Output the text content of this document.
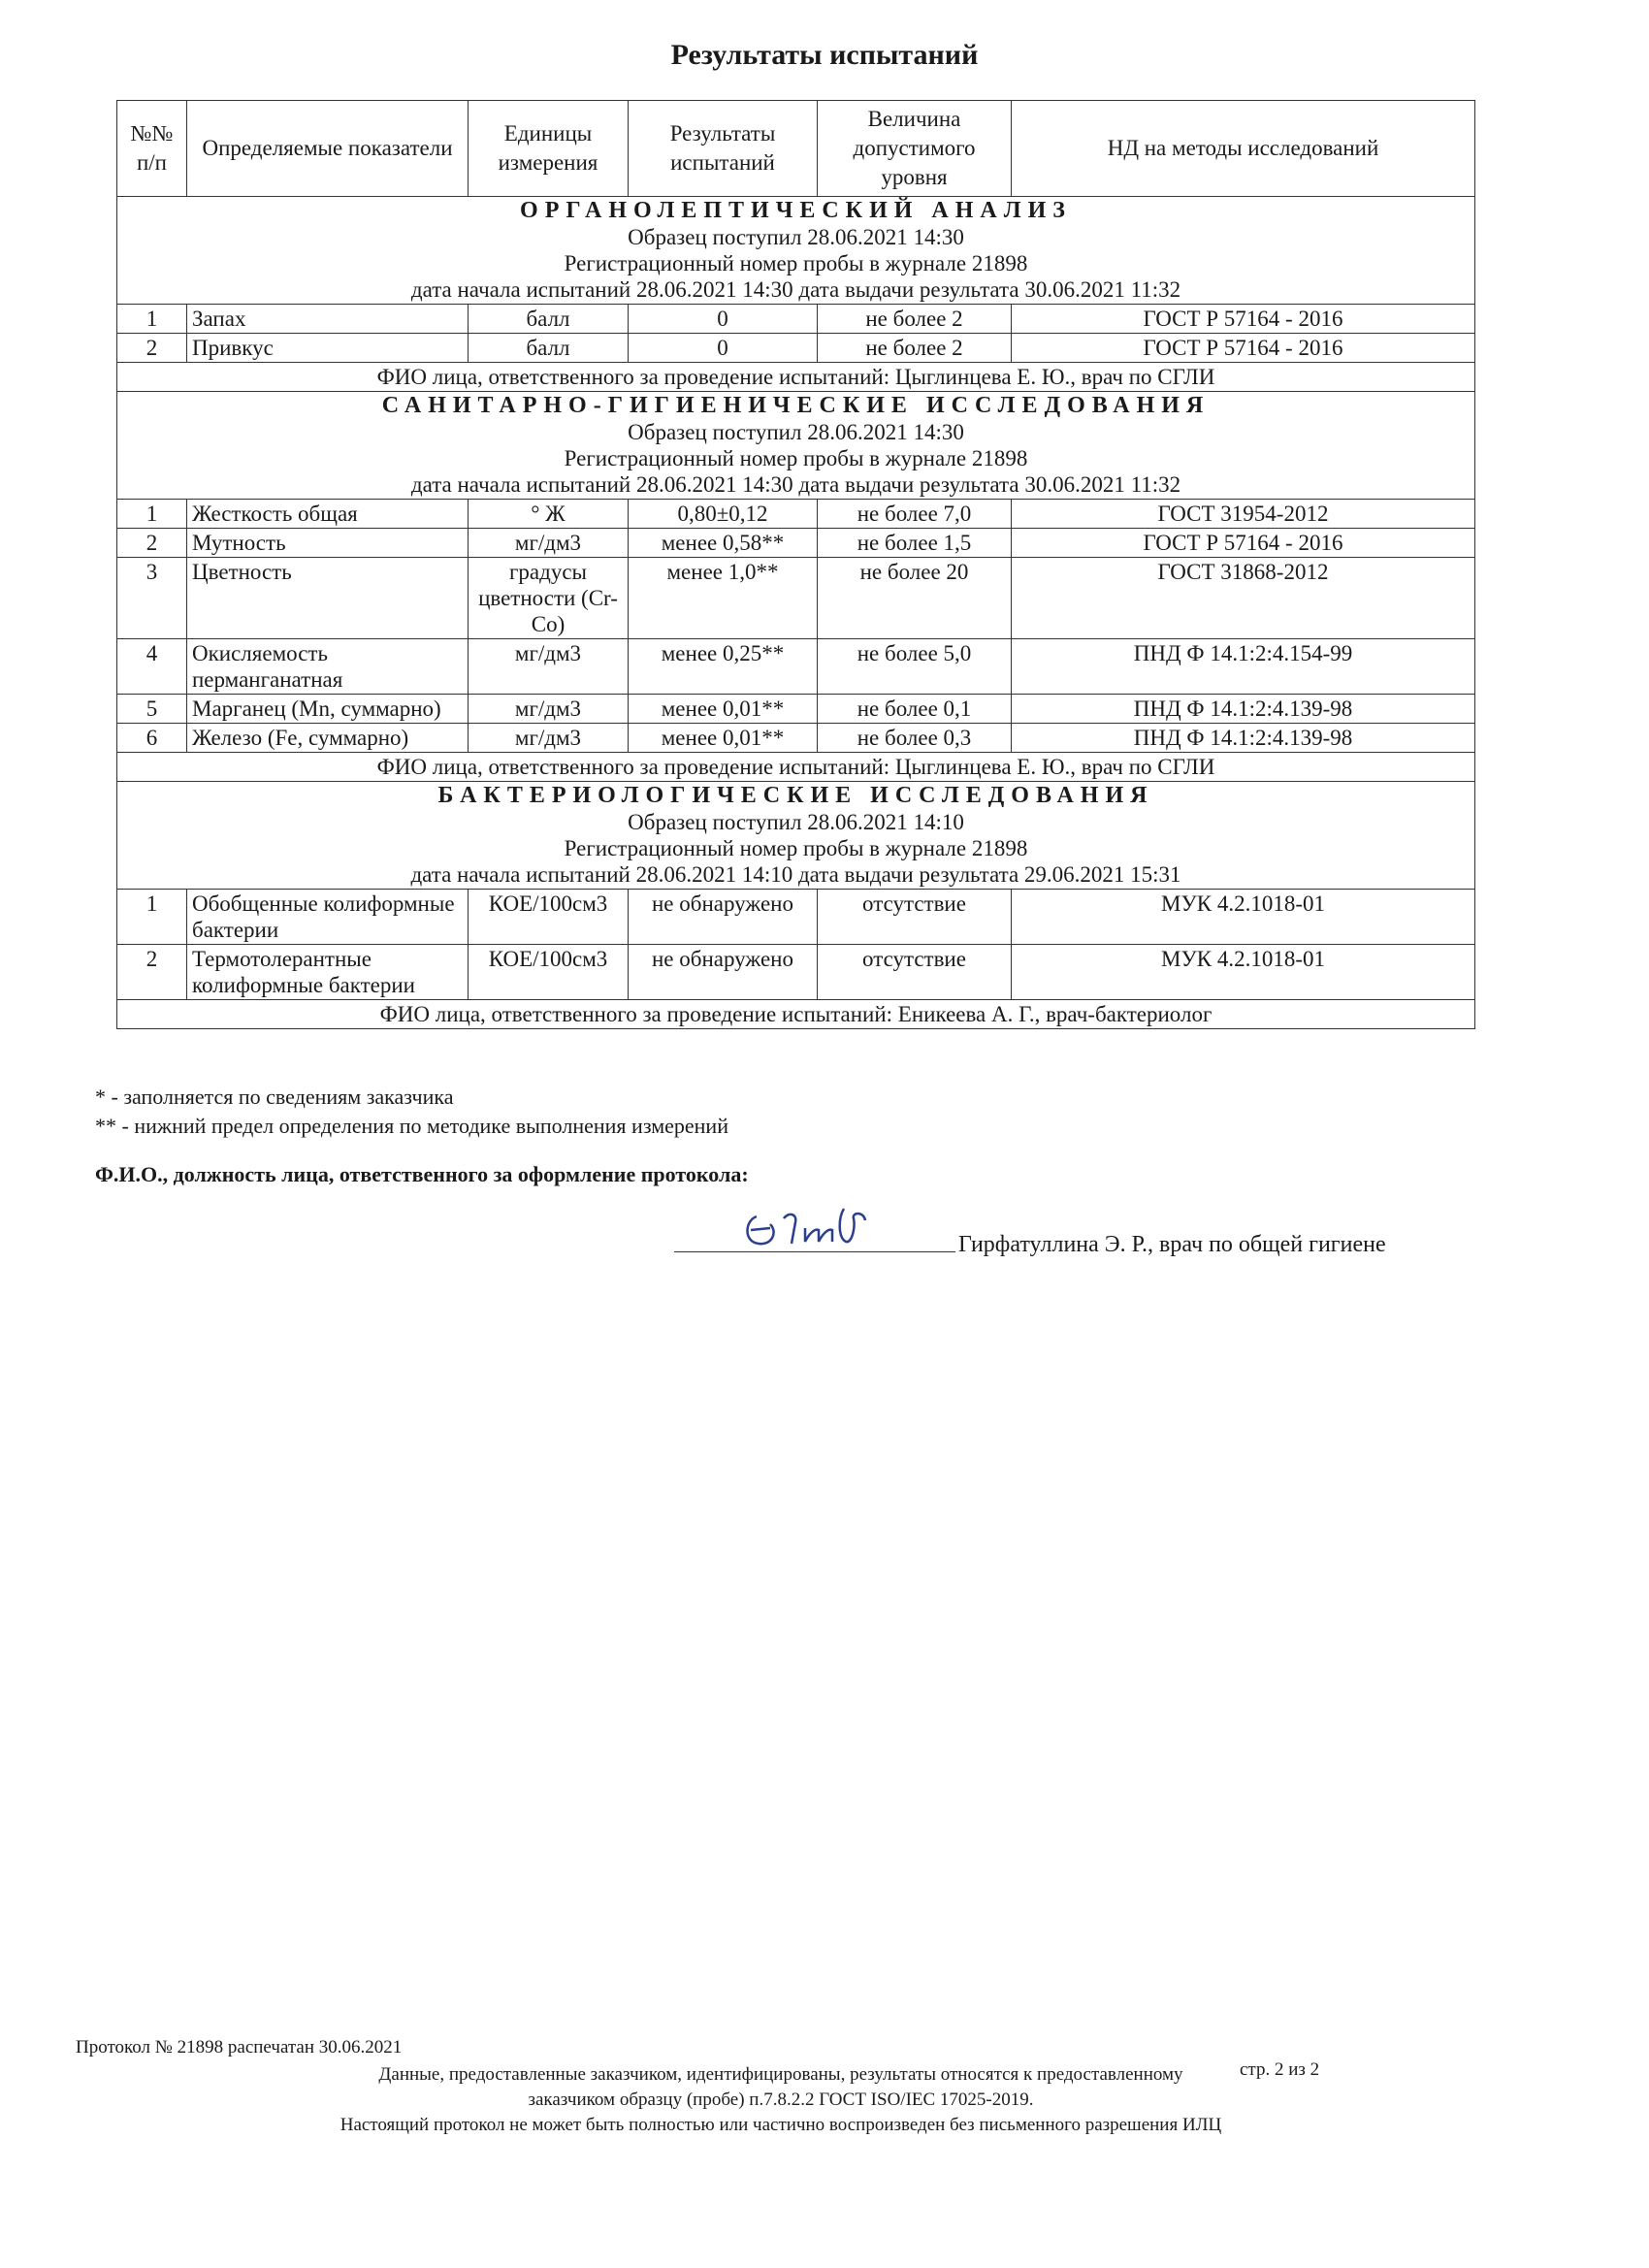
Результаты испытаний
№№ п/п	Определяемые показатели	Единицы измерения	Результаты испытаний	Величина допустимого уровня	НД на методы исследований

ОРГАНОЛЕПТИЧЕСКИЙ АНАЛИЗ
Образец поступил 28.06.2021 14:30
Регистрационный номер пробы в журнале 21898
дата начала испытаний 28.06.2021 14:30 дата выдачи результата 30.06.2021 11:32					

1	Запах	балл	0	не более 2	ГОСТ Р 57164 - 2016
2	Привкус	балл	0	не более 2	ГОСТ Р 57164 - 2016
ФИО лица, ответственного за проведение испытаний: Цыглинцева Е. Ю., врач по СГЛИ					

САНИТАРНО-ГИГИЕНИЧЕСКИЕ ИССЛЕДОВАНИЯ
Образец поступил 28.06.2021 14:30
Регистрационный номер пробы в журнале 21898
дата начала испытаний 28.06.2021 14:30 дата выдачи результата 30.06.2021 11:32					

1	Жесткость общая	° Ж	0,80±0,12	не более 7,0	ГОСТ 31954-2012
2	Мутность	мг/дм3	менее 0,58**	не более 1,5	ГОСТ Р 57164 - 2016
3	Цветность	градусы цветности (Cr-Co)	менее 1,0**	не более 20	ГОСТ 31868-2012
4	Окисляемость перманганатная	мг/дм3	менее 0,25**	не более 5,0	ПНД Ф 14.1:2:4.154-99
5	Марганец (Mn, суммарно)	мг/дм3	менее 0,01**	не более 0,1	ПНД Ф 14.1:2:4.139-98
6	Железо (Fe, суммарно)	мг/дм3	менее 0,01**	не более 0,3	ПНД Ф 14.1:2:4.139-98
ФИО лица, ответственного за проведение испытаний: Цыглинцева Е. Ю., врач по СГЛИ					

БАКТЕРИОЛОГИЧЕСКИЕ ИССЛЕДОВАНИЯ
Образец поступил 28.06.2021 14:10
Регистрационный номер пробы в журнале 21898
дата начала испытаний 28.06.2021 14:10 дата выдачи результата 29.06.2021 15:31					

1	Обобщенные колиформные бактерии	КОЕ/100см3	не обнаружено	отсутствие	МУК 4.2.1018-01
2	Термотолерантные колиформные бактерии	КОЕ/100см3	не обнаружено	отсутствие	МУК 4.2.1018-01
ФИО лица, ответственного за проведение испытаний: Еникеева А. Г., врач-бактериолог					
* - заполняется по сведениям заказчика
** - нижний предел определения по методике выполнения измерений
Ф.И.О., должность лица, ответственного за оформление протокола:
Гирфатуллина Э. Р., врач по общей гигиене
Протокол № 21898 распечатан 30.06.2021
стр. 2 из 2
Данные, предоставленные заказчиком, идентифицированы, результаты относятся к предоставленному
заказчиком образцу (пробе) п.7.8.2.2 ГОСТ ISO/IEC 17025-2019.
Настоящий протокол не может быть полностью или частично воспроизведен без письменного разрешения ИЛЦ
